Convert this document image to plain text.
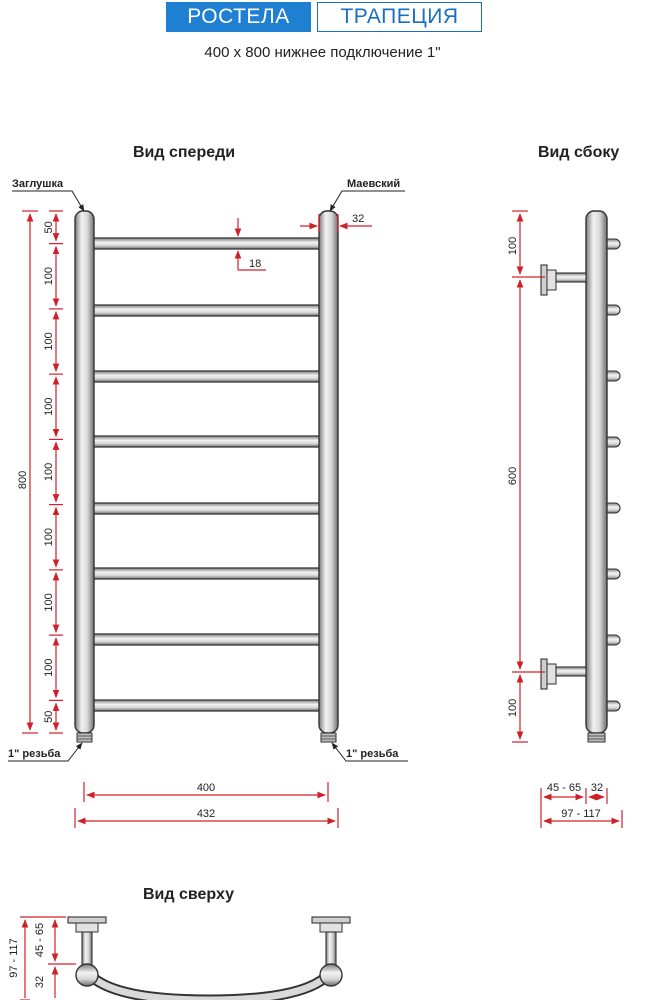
РОСТЕЛА	ТРАПЕЦИЯ
400 x 800 нижнее подключение 1"
Вид спереди	Вид сбоку
Вид сверху
Заглушка	Маевский
1" резьба	1" резьба
800
50
100
100
100
100
100
100
100
50
32
18
400
432
100
600
100
45 - 65 32
97 - 117
97 - 117
32
45 - 65
